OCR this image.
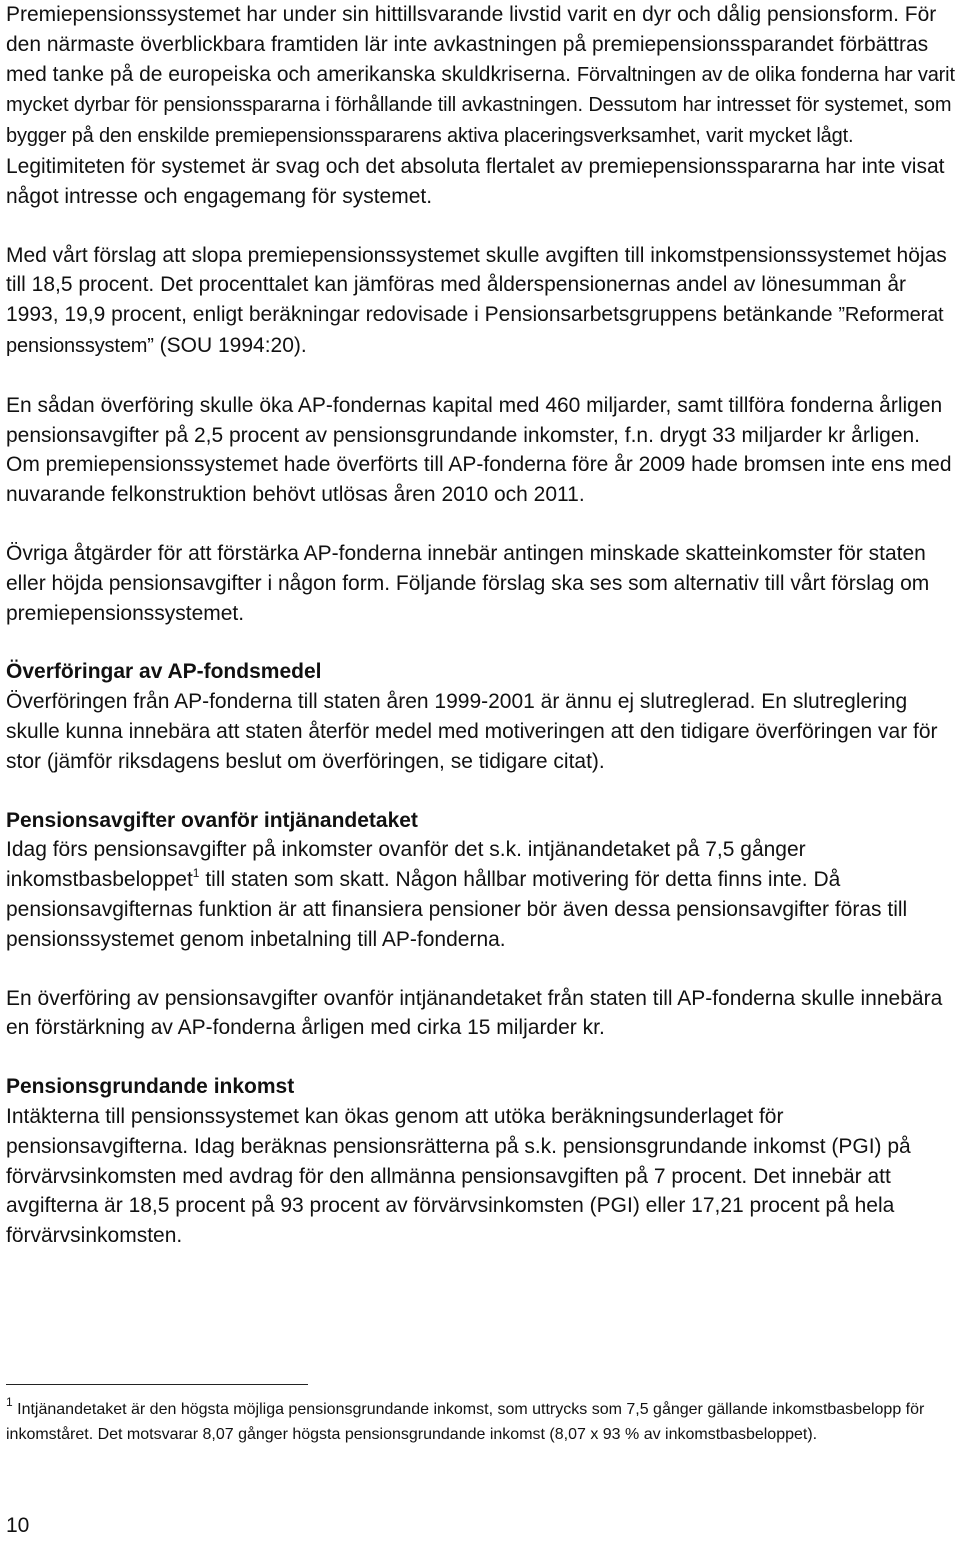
Premiepensionssystemet har under sin hittillsvarande livstid varit en dyr och dålig pensionsform. För den närmaste överblickbara framtiden lär inte avkastningen på premiepensionssparandet förbättras med tanke på de europeiska och amerikanska skuldkriserna. Förvaltningen av de olika fonderna har varit mycket dyrbar för pensionsspararna i förhållande till avkastningen. Dessutom har intresset för systemet, som bygger på den enskilde premiepensionsspararens aktiva placeringsverksamhet, varit mycket lågt. Legitimiteten för systemet är svag och det absoluta flertalet av premiepensionsspararna har inte visat något intresse och engagemang för systemet.

Med vårt förslag att slopa premiepensionssystemet skulle avgiften till inkomstpensionssystemet höjas till 18,5 procent. Det procenttalet kan jämföras med ålderspensionernas andel av lönesumman år 1993, 19,9 procent, enligt beräkningar redovisade i Pensionsarbetsgruppens betänkande ”Reformerat pensionssystem” (SOU 1994:20).

En sådan överföring skulle öka AP-fondernas kapital med 460 miljarder, samt tillföra fonderna årligen pensionsavgifter på 2,5 procent av pensionsgrundande inkomster, f.n. drygt 33 miljarder kr årligen. Om premiepensionssystemet hade överförts till AP-fonderna före år 2009 hade bromsen inte ens med nuvarande felkonstruktion behövt utlösas åren 2010 och 2011.

Övriga åtgärder för att förstärka AP-fonderna innebär antingen minskade skatteinkomster för staten eller höjda pensionsavgifter i någon form. Följande förslag ska ses som alternativ till vårt förslag om premiepensionssystemet.

Överföringar av AP-fondsmedel

Överföringen från AP-fonderna till staten åren 1999-2001 är ännu ej slutreglerad. En slutreglering skulle kunna innebära att staten återför medel med motiveringen att den tidigare överföringen var för stor (jämför riksdagens beslut om överföringen, se tidigare citat).

Pensionsavgifter ovanför intjänandetaket

Idag förs pensionsavgifter på inkomster ovanför det s.k. intjänandetaket på 7,5 gånger inkomstbasbeloppet$^1$ till staten som skatt. Någon hållbar motivering för detta finns inte. Då pensionsavgifternas funktion är att finansiera pensioner bör även dessa pensionsavgifter föras till pensionssystemet genom inbetalning till AP-fonderna.

En överföring av pensionsavgifter ovanför intjänandetaket från staten till AP-fonderna skulle innebära en förstärkning av AP-fonderna årligen med cirka 15 miljarder kr.

Pensionsgrundande inkomst

Intäkterna till pensionssystemet kan ökas genom att utöka beräkningsunderlaget för pensionsavgifterna. Idag beräknas pensionsrätterna på s.k. pensionsgrundande inkomst (PGI) på förvärvsinkomsten med avdrag för den allmänna pensionsavgiften på 7 procent. Det innebär att avgifterna är 18,5 procent på 93 procent av förvärvsinkomsten (PGI) eller 17,21 procent på hela förvärvsinkomsten.

$^1$ Intjänandetaket är den högsta möjliga pensionsgrundande inkomst, som uttrycks som 7,5 gånger gällande inkomstbasbelopp för inkomståret. Det motsvarar 8,07 gånger högsta pensionsgrundande inkomst (8,07 x 93 % av inkomstbasbeloppet).
10
